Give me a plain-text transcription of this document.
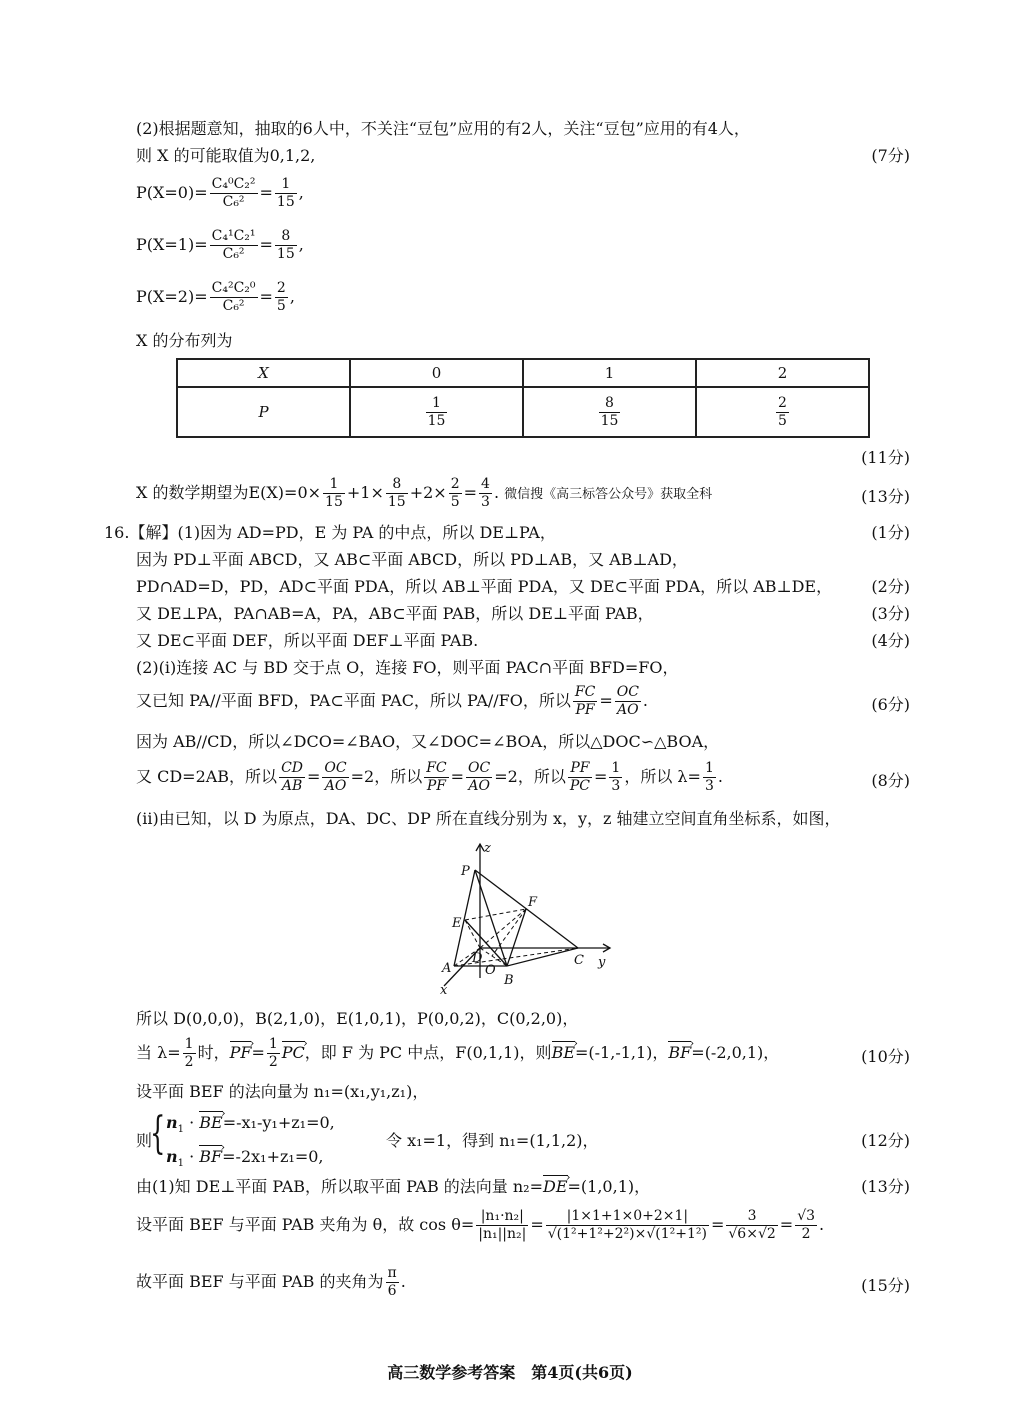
(2)根据题意知，抽取的6人中，不关注“豆包”应用的有2人，关注“豆包”应用的有4人，
则 X 的可能取值为0,1,2,	(7分)
$P(X=0)= \frac{\text{C₄⁰C₂²}}{\text{C₆²}} = \frac{1}{15}$ ,
$P(X=1)= \frac{\text{C₄¹C₂¹}}{\text{C₆²}} = \frac{8}{15}$ ,
$P(X=2)= \frac{\text{C₄²C₂⁰}}{\text{C₆²}} = \frac{2}{5}$ ,
X 的分布列为
X	0	1	2
P	$\frac{1}{15}$	$\frac{8}{15}$	$\frac{2}{5}$
(11分)
X 的数学期望为$E(X)=0\times \frac{1}{15} +1\times \frac{8}{15} +2\times \frac{2}{5} = \frac{4}{3}$ . 微信搜《高三标答公众号》获取全科	(13分)
16.【解】(1)因为 AD=PD，E 为 PA 的中点，所以 DE⊥PA，	(1分)
因为 PD⊥平面 ABCD，又 AB⊂平面 ABCD，所以 PD⊥AB，又 AB⊥AD，
PD∩AD=D，PD，AD⊂平面 PDA，所以 AB⊥平面 PDA，又 DE⊂平面 PDA，所以 AB⊥DE， (2分)
又 DE⊥PA，PA∩AB=A，PA，AB⊂平面 PAB，所以 DE⊥平面 PAB，	(3分)
又 DE⊂平面 DEF，所以平面 DEF⊥平面 PAB.	(4分)
(2)(i)连接 AC 与 BD 交于点 O，连接 FO，则平面 PAC∩平面 BFD=FO，
又已知 PA//平面 BFD，PA⊂平面 PAC，所以 PA//FO，所以 $\frac{FC}{PF} = \frac{OC}{AO}$ .	(6分)
因为 AB//CD，所以∠DCO=∠BAO，又∠DOC=∠BOA，所以△DOC∽△BOA，
又 CD=2AB，所以 $\frac{CD}{AB} = \frac{OC}{AO} =2$，所以 $\frac{FC}{PF} = \frac{OC}{AO} =2$，所以 $\frac{PF}{PC} = \frac{1}{3}$ ，所以 $\lambda= \frac{1}{3}$ .	(8分)
(ii)由已知，以 D 为原点，DA、DC、DP 所在直线分别为 x，y，z 轴建立空间直角坐标系，如图，
z
P
E
F
D
O
A
B
C y
x
所以 D(0,0,0)，B(2,1,0)，E(1,0,1)，P(0,0,2)，C(0,2,0)，
当 $\lambda= \frac{1}{2}$ 时，PF ›= $\frac{1}{2}$ PC ›，即 F 为 PC 中点，F(0,1,1)，则BE ›=(-1,-1,1)，BF ›=(-2,0,1)，	(10分)
设平面 BEF 的法向量为 n₁=(x₁,y₁,z₁)，
则
{ $n_1$ · BE ›=-x₁-y₁+z₁=0,
$n_1$ · BF ›=-2x₁+z₁=0,
令 x₁=1，得到 n₁=(1,1,2)，	(12分)
由(1)知 DE⊥平面 PAB，所以取平面 PAB 的法向量 n₂=DE ›=(1,0,1)，	(13分)
设平面 BEF 与平面 PAB 夹角为 θ，故 $\cos \theta= \frac{\text{|n₁·n₂|}}{\text{|n₁||n₂|}} = \frac{|1\times 1+1\times 0+2\times 1|}{\text{√(1²+1²+2²)×√(1²+1²)}} = \frac{3}{√6\times√2} = \frac{√3}{2}$ .
故平面 BEF 与平面 PAB 的夹角为 $\frac{\pi}{6}$ .	(15分)
高三数学参考答案　第4页(共6页)
